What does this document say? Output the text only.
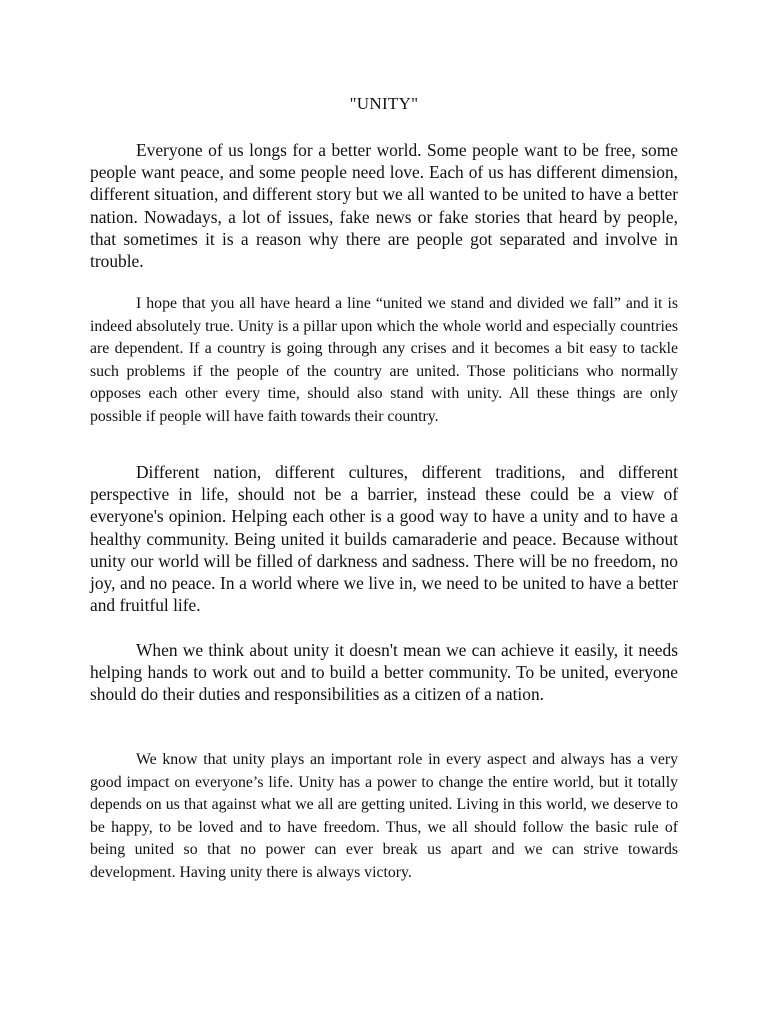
"UNITY"

Everyone of us longs for a better world. Some people want to be free, some people want peace, and some people need love. Each of us has different dimension, different situation, and different story but we all wanted to be united to have a better nation. Nowadays, a lot of issues, fake news or fake stories that heard by people, that sometimes it is a reason why there are people got separated and involve in trouble.

I hope that you all have heard a line “united we stand and divided we fall” and it is indeed absolutely true. Unity is a pillar upon which the whole world and especially countries are dependent. If a country is going through any crises and it becomes a bit easy to tackle such problems if the people of the country are united. Those politicians who normally opposes each other every time, should also stand with unity. All these things are only possible if people will have faith towards their country.

Different nation, different cultures, different traditions, and different perspective in life, should not be a barrier, instead these could be a view of everyone's opinion. Helping each other is a good way to have a unity and to have a healthy community. Being united it builds camaraderie and peace. Because without unity our world will be filled of darkness and sadness. There will be no freedom, no joy, and no peace. In a world where we live in, we need to be united to have a better and fruitful life.

When we think about unity it doesn't mean we can achieve it easily, it needs helping hands to work out and to build a better community. To be united, everyone should do their duties and responsibilities as a citizen of a nation.

We know that unity plays an important role in every aspect and always has a very good impact on everyone’s life. Unity has a power to change the entire world, but it totally depends on us that against what we all are getting united. Living in this world, we deserve to be happy, to be loved and to have freedom. Thus, we all should follow the basic rule of being united so that no power can ever break us apart and we can strive towards development. Having unity there is always victory.
